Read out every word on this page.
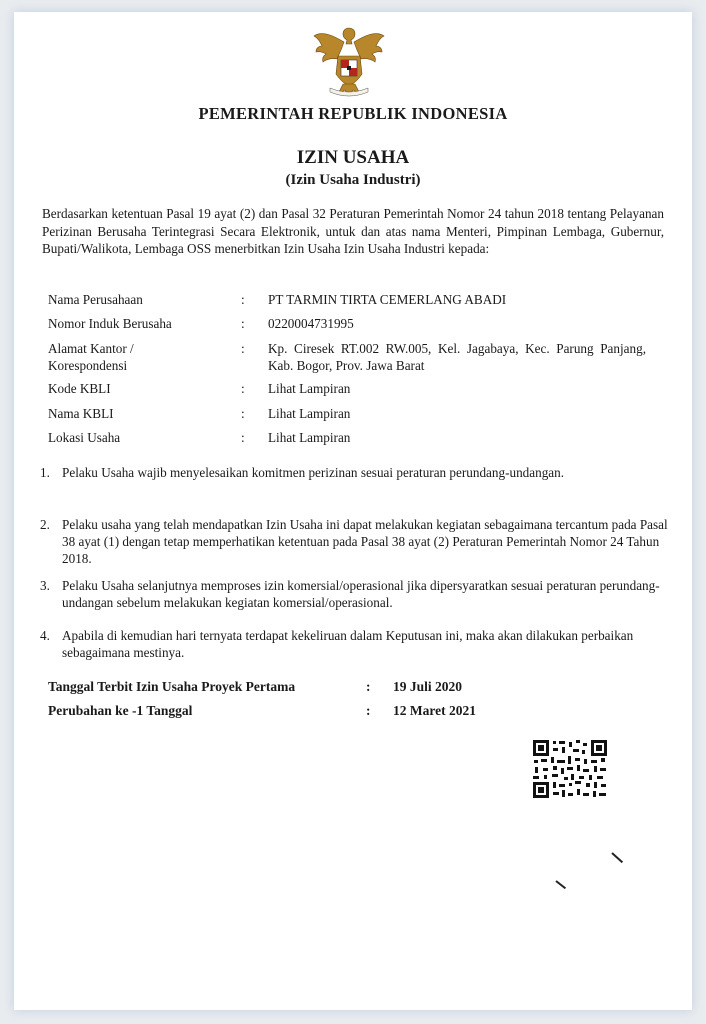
PEMERINTAH REPUBLIK INDONESIA
IZIN USAHA
(Izin Usaha Industri)
Berdasarkan ketentuan Pasal 19 ayat (2) dan Pasal 32 Peraturan Pemerintah Nomor 24 tahun 2018 tentang Pelayanan Perizinan Berusaha Terintegrasi Secara Elektronik, untuk dan atas nama Menteri, Pimpinan Lembaga, Gubernur, Bupati/Walikota, Lembaga OSS menerbitkan Izin Usaha Izin Usaha Industri kepada:
Nama Perusahaan	: PT TARMIN TIRTA CEMERLANG ABADI
Nomor Induk Berusaha	: 0220004731995
Alamat Kantor / Korespondensi
: Kp. Ciresek RT.002 RW.005, Kel. Jagabaya, Kec. Parung Panjang, Kab. Bogor, Prov. Jawa Barat
Kode KBLI	: Lihat Lampiran
Nama KBLI	: Lihat Lampiran
Lokasi Usaha	: Lihat Lampiran
1. Pelaku Usaha wajib menyelesaikan komitmen perizinan sesuai peraturan perundang-undangan.
2. Pelaku usaha yang telah mendapatkan Izin Usaha ini dapat melakukan kegiatan sebagaimana tercantum pada Pasal 38 ayat (1) dengan tetap memperhatikan ketentuan pada Pasal 38 ayat (2) Peraturan Pemerintah Nomor 24 Tahun 2018.
3. Pelaku Usaha selanjutnya memproses izin komersial/operasional jika dipersyaratkan sesuai peraturan perundang-undangan sebelum melakukan kegiatan komersial/operasional.
4. Apabila di kemudian hari ternyata terdapat kekeliruan dalam Keputusan ini, maka akan dilakukan perbaikan sebagaimana mestinya.
Tanggal Terbit Izin Usaha Proyek Pertama	: 19 Juli 2020
Perubahan ke -1 Tanggal	: 12 Maret 2021
